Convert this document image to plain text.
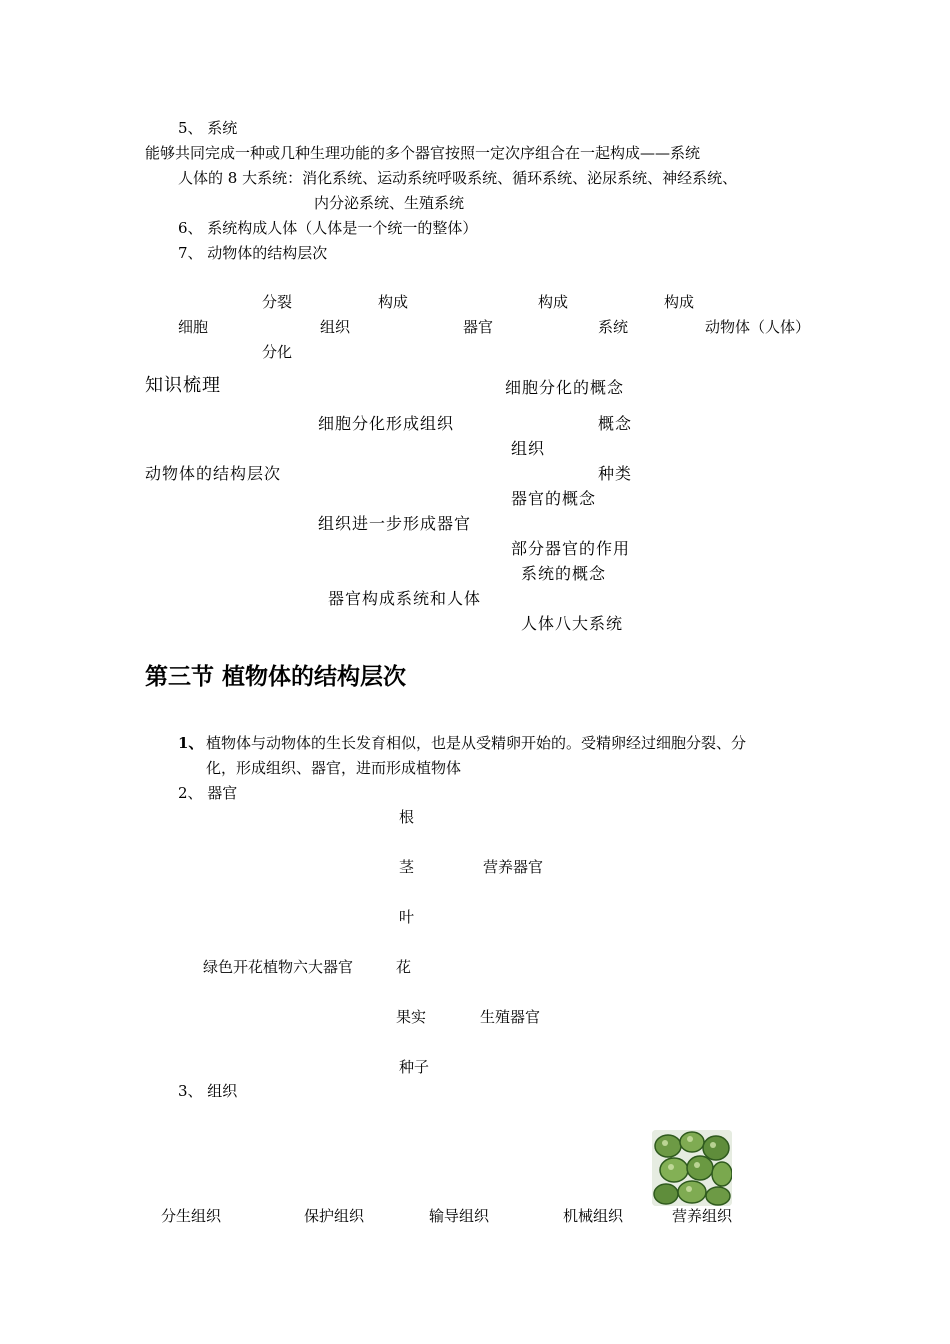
5、 系统
能够共同完成一种或几种生理功能的多个器官按照一定次序组合在一起构成——系统
人体的 8 大系统：消化系统、运动系统呼吸系统、循环系统、泌尿系统、神经系统、
内分泌系统、生殖系统
6、 系统构成人体（人体是一个统一的整体）
7、 动物体的结构层次
分裂	构成	构成	构成
细胞	组织	器官	系统	动物体（人体）
分化
知识梳理	细胞分化的概念
细胞分化形成组织	概念
组织
动物体的结构层次	种类
器官的概念
组织进一步形成器官
部分器官的作用
系统的概念
器官构成系统和人体
人体八大系统
第三节 植物体的结构层次
1、 植物体与动物体的生长发育相似，也是从受精卵开始的。受精卵经过细胞分裂、分
化，形成组织、器官，进而形成植物体
2、 器官
根
茎	营养器官
叶
绿色开花植物六大器官	花
果实	生殖器官
种子
3、 组织
分生组织	保护组织	输导组织	机械组织	营养组织
